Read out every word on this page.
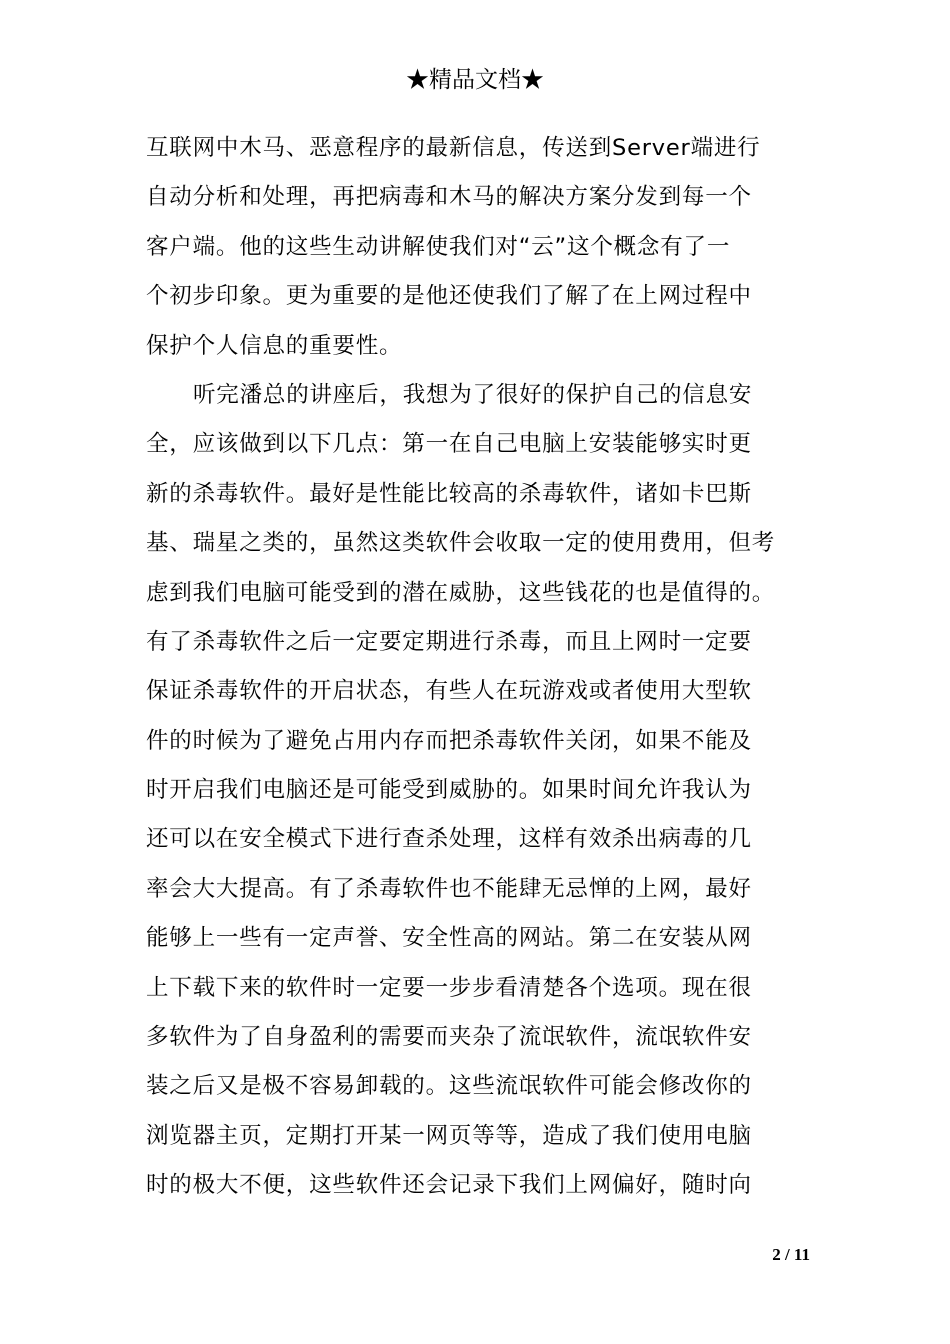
★精品文档★
互联网中木马、恶意程序的最新信息，传送到Server端进行
自动分析和处理，再把病毒和木马的解决方案分发到每一个
客户端。他的这些生动讲解使我们对“云”这个概念有了一
个初步印象。更为重要的是他还使我们了解了在上网过程中
保护个人信息的重要性。
听完潘总的讲座后，我想为了很好的保护自己的信息安
全，应该做到以下几点：第一在自己电脑上安装能够实时更
新的杀毒软件。最好是性能比较高的杀毒软件，诸如卡巴斯
基、瑞星之类的，虽然这类软件会收取一定的使用费用，但考
虑到我们电脑可能受到的潜在威胁，这些钱花的也是值得的。
有了杀毒软件之后一定要定期进行杀毒，而且上网时一定要
保证杀毒软件的开启状态，有些人在玩游戏或者使用大型软
件的时候为了避免占用内存而把杀毒软件关闭，如果不能及
时开启我们电脑还是可能受到威胁的。如果时间允许我认为
还可以在安全模式下进行查杀处理，这样有效杀出病毒的几
率会大大提高。有了杀毒软件也不能肆无忌惮的上网，最好
能够上一些有一定声誉、安全性高的网站。第二在安装从网
上下载下来的软件时一定要一步步看清楚各个选项。现在很
多软件为了自身盈利的需要而夹杂了流氓软件，流氓软件安
装之后又是极不容易卸载的。这些流氓软件可能会修改你的
浏览器主页，定期打开某一网页等等，造成了我们使用电脑
时的极大不便，这些软件还会记录下我们上网偏好，随时向
2 / 11
